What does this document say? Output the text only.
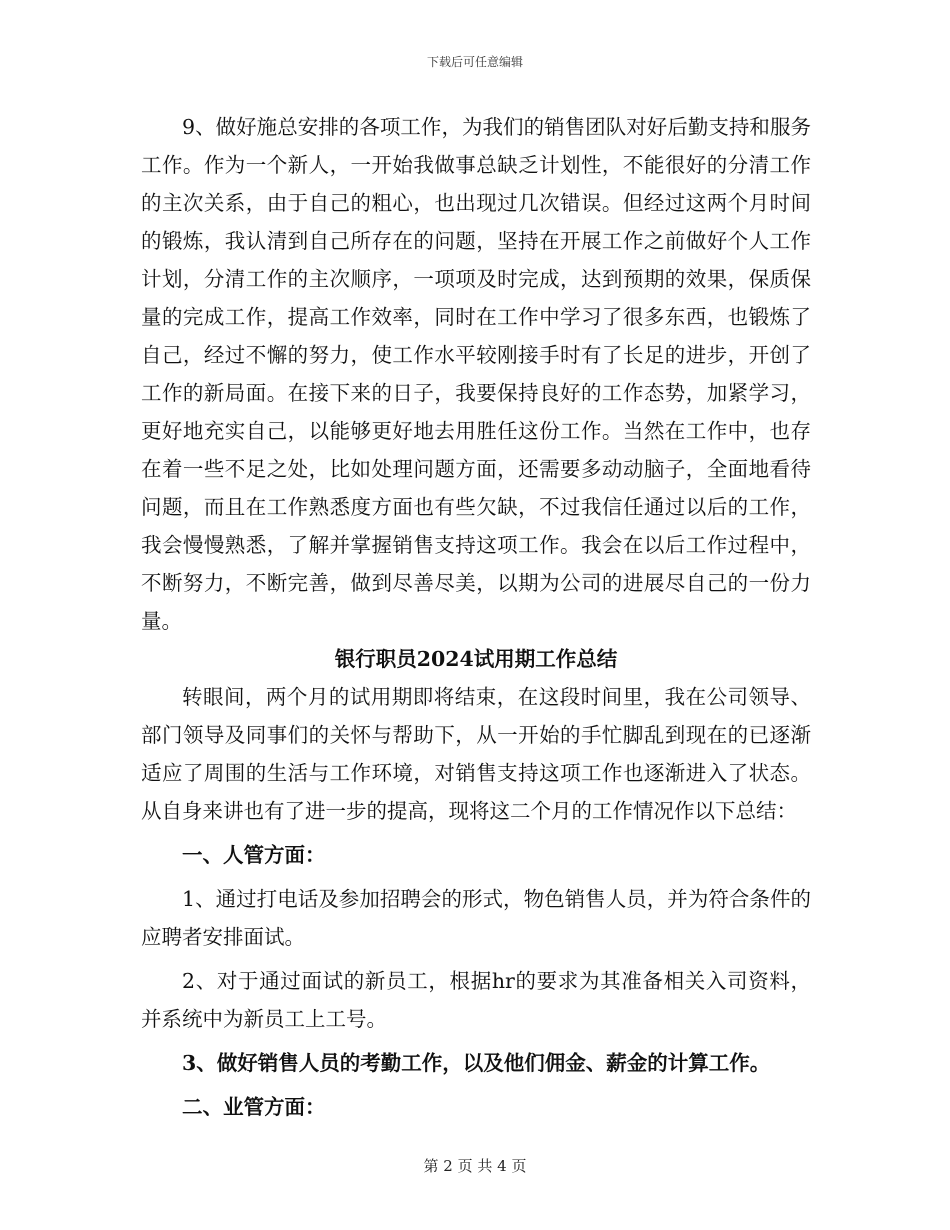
下载后可任意编辑

9、做好施总安排的各项工作，为我们的销售团队对好后勤支持和服务工作。作为一个新人，一开始我做事总缺乏计划性，不能很好的分清工作的主次关系，由于自己的粗心，也出现过几次错误。但经过这两个月时间的锻炼，我认清到自己所存在的问题，坚持在开展工作之前做好个人工作计划，分清工作的主次顺序，一项项及时完成，达到预期的效果，保质保量的完成工作，提高工作效率，同时在工作中学习了很多东西，也锻炼了自己，经过不懈的努力，使工作水平较刚接手时有了长足的进步，开创了工作的新局面。在接下来的日子，我要保持良好的工作态势，加紧学习，更好地充实自己，以能够更好地去用胜任这份工作。当然在工作中，也存在着一些不足之处，比如处理问题方面，还需要多动动脑子，全面地看待问题，而且在工作熟悉度方面也有些欠缺，不过我信任通过以后的工作，我会慢慢熟悉，了解并掌握销售支持这项工作。我会在以后工作过程中，不断努力，不断完善，做到尽善尽美，以期为公司的进展尽自己的一份力量。

银行职员2024试用期工作总结

转眼间，两个月的试用期即将结束，在这段时间里，我在公司领导、部门领导及同事们的关怀与帮助下，从一开始的手忙脚乱到现在的已逐渐适应了周围的生活与工作环境，对销售支持这项工作也逐渐进入了状态。从自身来讲也有了进一步的提高，现将这二个月的工作情况作以下总结：

一、人管方面：

1、通过打电话及参加招聘会的形式，物色销售人员，并为符合条件的应聘者安排面试。

2、对于通过面试的新员工，根据hr的要求为其准备相关入司资料，并系统中为新员工上工号。

3、做好销售人员的考勤工作，以及他们佣金、薪金的计算工作。

二、业管方面：

第 2 页 共 4 页
